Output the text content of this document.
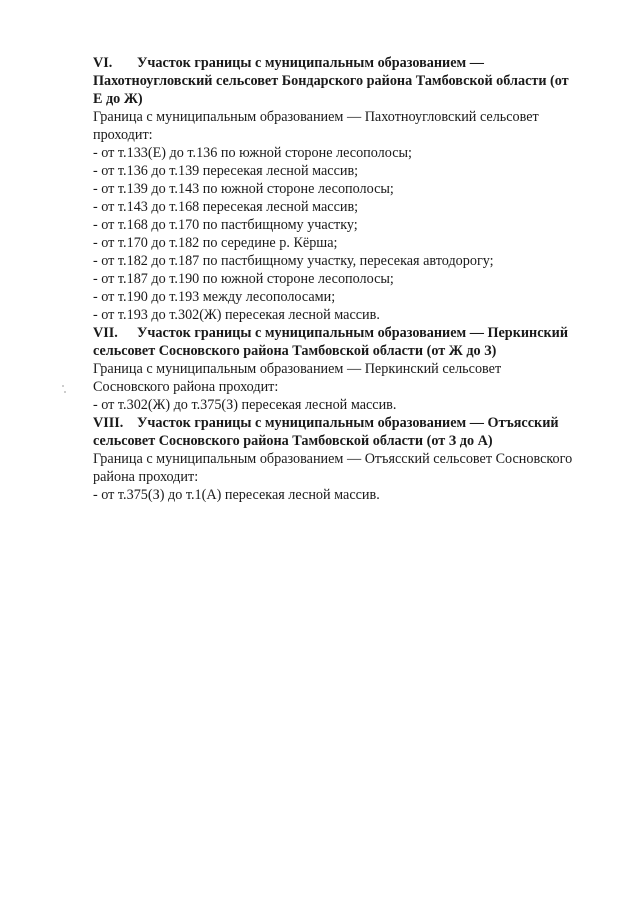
VI. Участок границы с муниципальным образованием —

Пахотноугловский сельсовет Бондарского района Тамбовской области (от

Е до Ж)

Граница с муниципальным образованием — Пахотноугловский сельсовет

проходит:

- от т.133(Е) до т.136 по южной стороне лесополосы;
- от т.136 до т.139 пересекая лесной массив;
- от т.139 до т.143 по южной стороне лесополосы;
- от т.143 до т.168 пересекая лесной массив;
- от т.168 до т.170 по пастбищному участку;
- от т.170 до т.182 по середине р. Кёрша;
- от т.182 до т.187 по пастбищному участку, пересекая автодорогу;
- от т.187 до т.190 по южной стороне лесополосы;
- от т.190 до т.193 между лесополосами;
- от т.193 до т.302(Ж) пересекая лесной массив.

VII. Участок границы с муниципальным образованием — Перкинский

сельсовет Сосновского района Тамбовской области (от Ж до З)

Граница с муниципальным образованием — Перкинский сельсовет

Сосновского района проходит:

- от т.302(Ж) до т.375(З) пересекая лесной массив.

VIII. Участок границы с муниципальным образованием — Отъясский

сельсовет Сосновского района Тамбовской области (от З до А)

Граница с муниципальным образованием — Отъясский сельсовет Сосновского

района проходит:

- от т.375(З) до т.1(А) пересекая лесной массив.
